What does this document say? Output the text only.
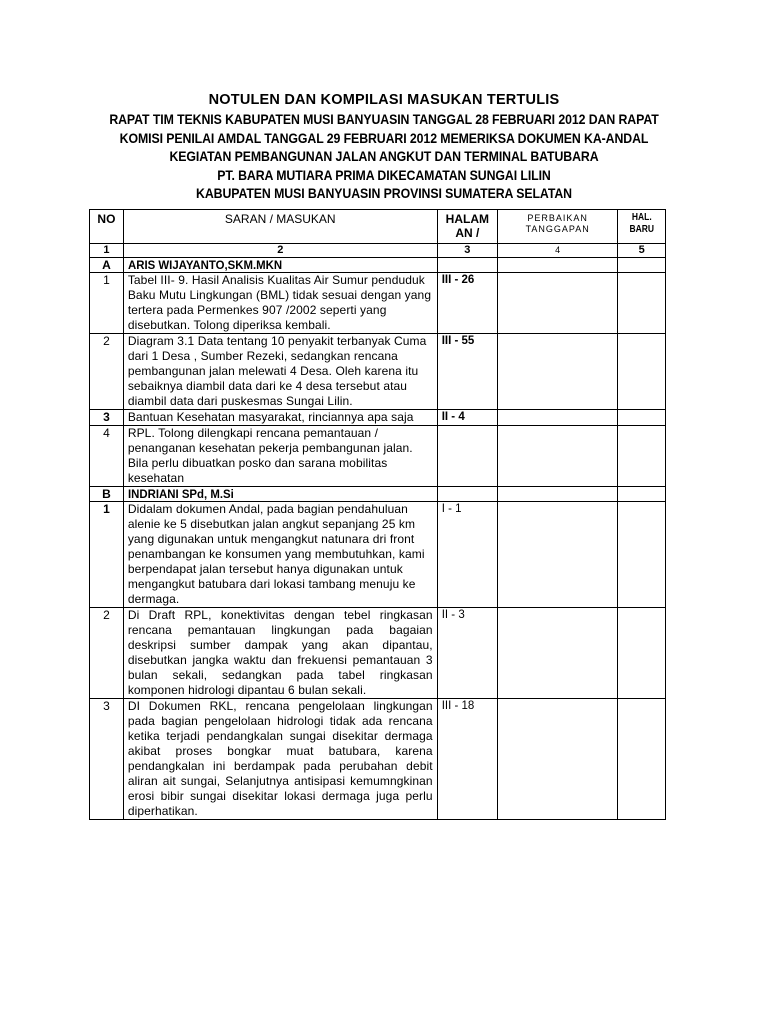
NOTULEN DAN KOMPILASI MASUKAN TERTULIS
RAPAT TIM TEKNIS KABUPATEN MUSI BANYUASIN TANGGAL 28 FEBRUARI 2012 DAN RAPAT
KOMISI PENILAI AMDAL TANGGAL 29 FEBRUARI 2012 MEMERIKSA DOKUMEN KA-ANDAL
KEGIATAN PEMBANGUNAN JALAN ANGKUT DAN TERMINAL BATUBARA
PT. BARA MUTIARA PRIMA DIKECAMATAN SUNGAI LILIN
KABUPATEN MUSI BANYUASIN PROVINSI SUMATERA SELATAN
NO	SARAN / MASUKAN	HALAM AN /	PERBAIKAN TANGGAPAN	HAL. BARU
1	2	3	4	5
A	ARIS WIJAYANTO,SKM.MKN			

1	Tabel III- 9. Hasil Analisis Kualitas Air Sumur penduduk Baku Mutu Lingkungan (BML) tidak sesuai dengan yang tertera pada Permenkes 907 /2002 seperti yang disebutkan. Tolong diperiksa kembali.	III - 26		
2	Diagram 3.1 Data tentang 10 penyakit terbanyak Cuma dari 1 Desa , Sumber Rezeki, sedangkan rencana pembangunan jalan melewati 4 Desa. Oleh karena itu sebaiknya diambil data dari ke 4 desa tersebut atau diambil data dari puskesmas Sungai Lilin.	III - 55		
3	Bantuan Kesehatan masyarakat, rinciannya apa saja	II - 4		
4	RPL. Tolong dilengkapi rencana pemantauan / penanganan kesehatan pekerja pembangunan jalan. Bila perlu dibuatkan posko dan sarana mobilitas kesehatan			
B	INDRIANI SPd, M.Si			

1	Didalam dokumen Andal, pada bagian pendahuluan alenie ke 5 disebutkan jalan angkut sepanjang 25 km yang digunakan untuk mengangkut natunara dri front penambangan ke konsumen yang membutuhkan, kami berpendapat jalan tersebut hanya digunakan untuk mengangkut batubara dari lokasi tambang menuju ke dermaga.	I - 1		
2	Di Draft RPL, konektivitas dengan tebel ringkasan rencana pemantauan lingkungan pada bagaian deskripsi sumber dampak yang akan dipantau, disebutkan jangka waktu dan frekuensi pemantauan 3 bulan sekali, sedangkan pada tabel ringkasan komponen hidrologi dipantau 6 bulan sekali.	II - 3		
3	DI Dokumen RKL, rencana pengelolaan lingkungan pada bagian pengelolaan hidrologi tidak ada rencana ketika terjadi pendangkalan sungai disekitar dermaga akibat proses bongkar muat batubara, karena pendangkalan ini berdampak pada perubahan debit aliran ait sungai, Selanjutnya antisipasi kemumngkinan erosi bibir sungai disekitar lokasi dermaga juga perlu diperhatikan.	III - 18		
